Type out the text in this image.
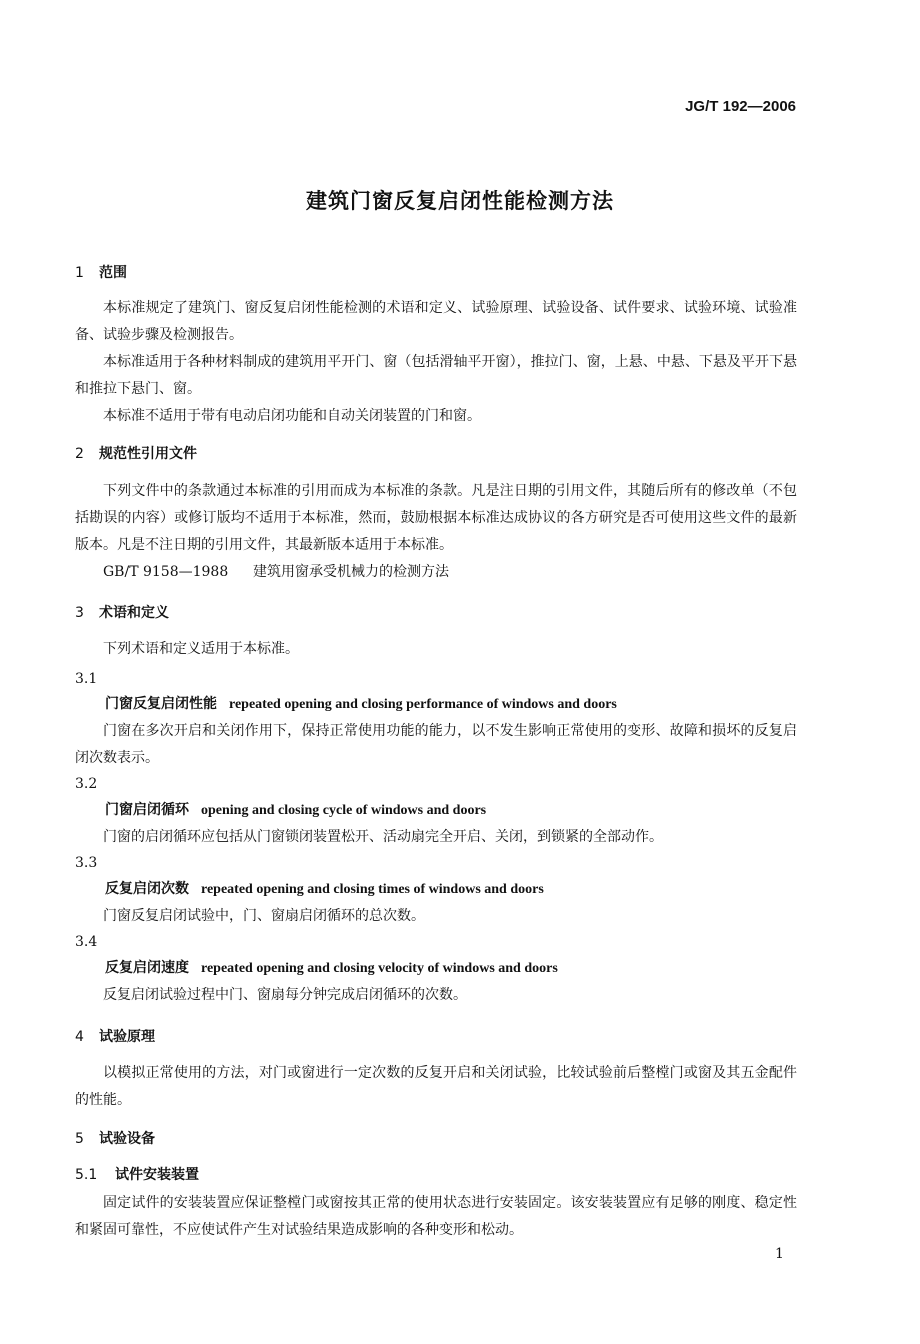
JG/T 192—2006
建筑门窗反复启闭性能检测方法
1 范围

本标准规定了建筑门、窗反复启闭性能检测的术语和定义、试验原理、试验设备、试件要求、试验环境、试验准备、试验步骤及检测报告。

本标准适用于各种材料制成的建筑用平开门、窗（包括滑轴平开窗），推拉门、窗，上悬、中悬、下悬及平开下悬和推拉下悬门、窗。

本标准不适用于带有电动启闭功能和自动关闭装置的门和窗。

2 规范性引用文件

下列文件中的条款通过本标准的引用而成为本标准的条款。凡是注日期的引用文件，其随后所有的修改单（不包括勘误的内容）或修订版均不适用于本标准，然而，鼓励根据本标准达成协议的各方研究是否可使用这些文件的最新版本。凡是不注日期的引用文件，其最新版本适用于本标准。

GB/T 9158—1988 建筑用窗承受机械力的检测方法
3 术语和定义

下列术语和定义适用于本标准。

3.1
门窗反复启闭性能 repeated opening and closing performance of windows and doors

门窗在多次开启和关闭作用下，保持正常使用功能的能力，以不发生影响正常使用的变形、故障和损坏的反复启闭次数表示。

3.2
门窗启闭循环 opening and closing cycle of windows and doors

门窗的启闭循环应包括从门窗锁闭装置松开、活动扇完全开启、关闭，到锁紧的全部动作。

3.3
反复启闭次数 repeated opening and closing times of windows and doors

门窗反复启闭试验中，门、窗扇启闭循环的总次数。

3.4
反复启闭速度 repeated opening and closing velocity of windows and doors

反复启闭试验过程中门、窗扇每分钟完成启闭循环的次数。

4 试验原理

以模拟正常使用的方法，对门或窗进行一定次数的反复开启和关闭试验，比较试验前后整樘门或窗及其五金配件的性能。

5 试验设备
5.1 试件安装装置

固定试件的安装装置应保证整樘门或窗按其正常的使用状态进行安装固定。该安装装置应有足够的刚度、稳定性和紧固可靠性，不应使试件产生对试验结果造成影响的各种变形和松动。

1
